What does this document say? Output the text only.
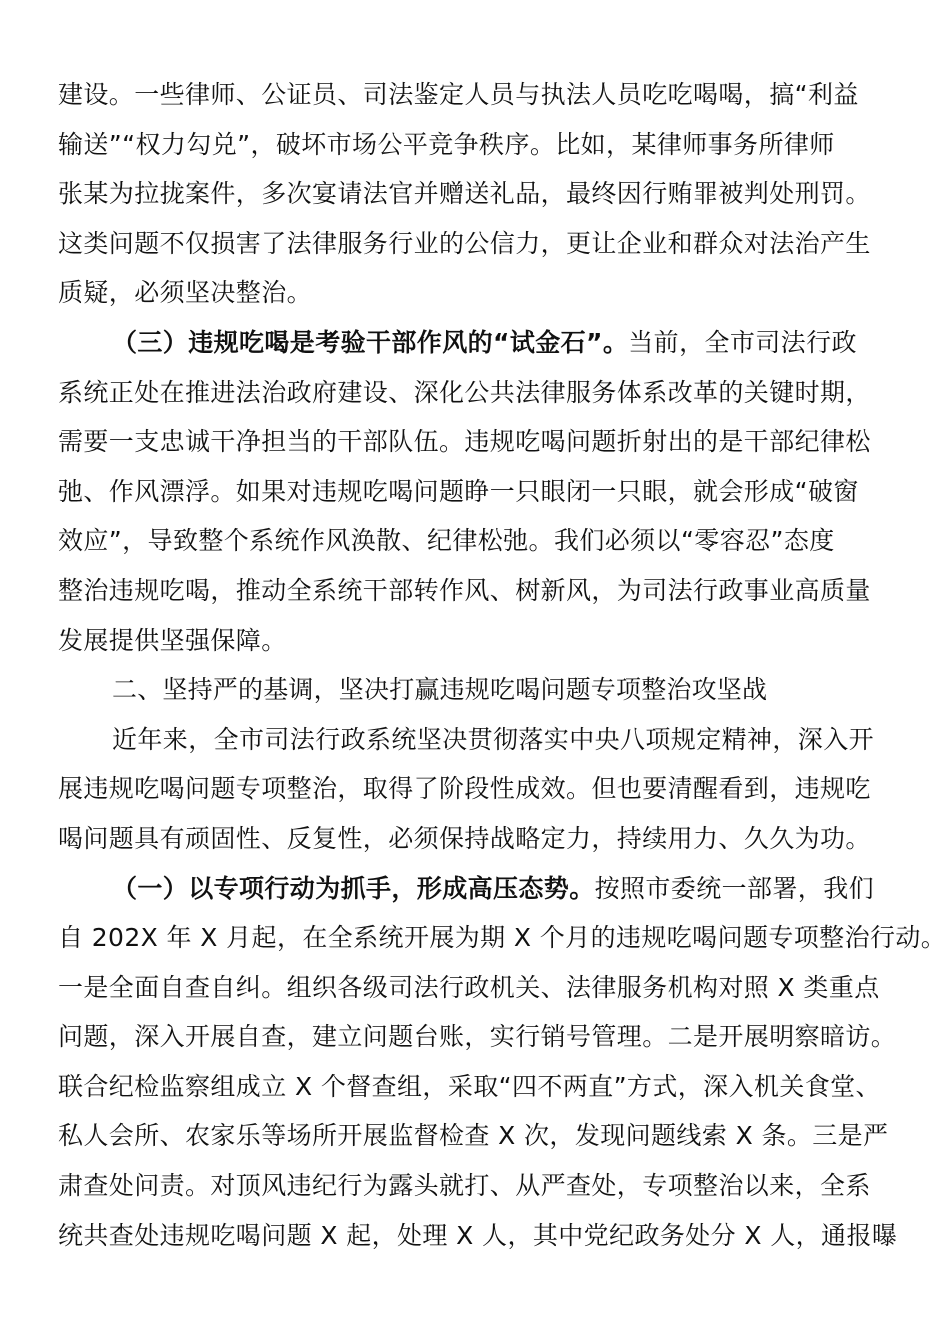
建设。一些律师、公证员、司法鉴定人员与执法人员吃吃喝喝，搞“利益
输送”“权力勾兑”，破坏市场公平竞争秩序。比如，某律师事务所律师
张某为拉拢案件，多次宴请法官并赠送礼品，最终因行贿罪被判处刑罚。
这类问题不仅损害了法律服务行业的公信力，更让企业和群众对法治产生
质疑，必须坚决整治。
（三）违规吃喝是考验干部作风的“试金石”。当前，全市司法行政
系统正处在推进法治政府建设、深化公共法律服务体系改革的关键时期，
需要一支忠诚干净担当的干部队伍。违规吃喝问题折射出的是干部纪律松
弛、作风漂浮。如果对违规吃喝问题睁一只眼闭一只眼，就会形成“破窗
效应”，导致整个系统作风涣散、纪律松弛。我们必须以“零容忍”态度
整治违规吃喝，推动全系统干部转作风、树新风，为司法行政事业高质量
发展提供坚强保障。
二、坚持严的基调，坚决打赢违规吃喝问题专项整治攻坚战
近年来，全市司法行政系统坚决贯彻落实中央八项规定精神，深入开
展违规吃喝问题专项整治，取得了阶段性成效。但也要清醒看到，违规吃
喝问题具有顽固性、反复性，必须保持战略定力，持续用力、久久为功。
（一）以专项行动为抓手，形成高压态势。按照市委统一部署，我们
自 202X 年 X 月起，在全系统开展为期 X 个月的违规吃喝问题专项整治行动。
一是全面自查自纠。组织各级司法行政机关、法律服务机构对照 X 类重点
问题，深入开展自查，建立问题台账，实行销号管理。二是开展明察暗访。
联合纪检监察组成立 X 个督查组，采取“四不两直”方式，深入机关食堂、
私人会所、农家乐等场所开展监督检查 X 次，发现问题线索 X 条。三是严
肃查处问责。对顶风违纪行为露头就打、从严查处，专项整治以来，全系
统共查处违规吃喝问题 X 起，处理 X 人，其中党纪政务处分 X 人，通报曝
